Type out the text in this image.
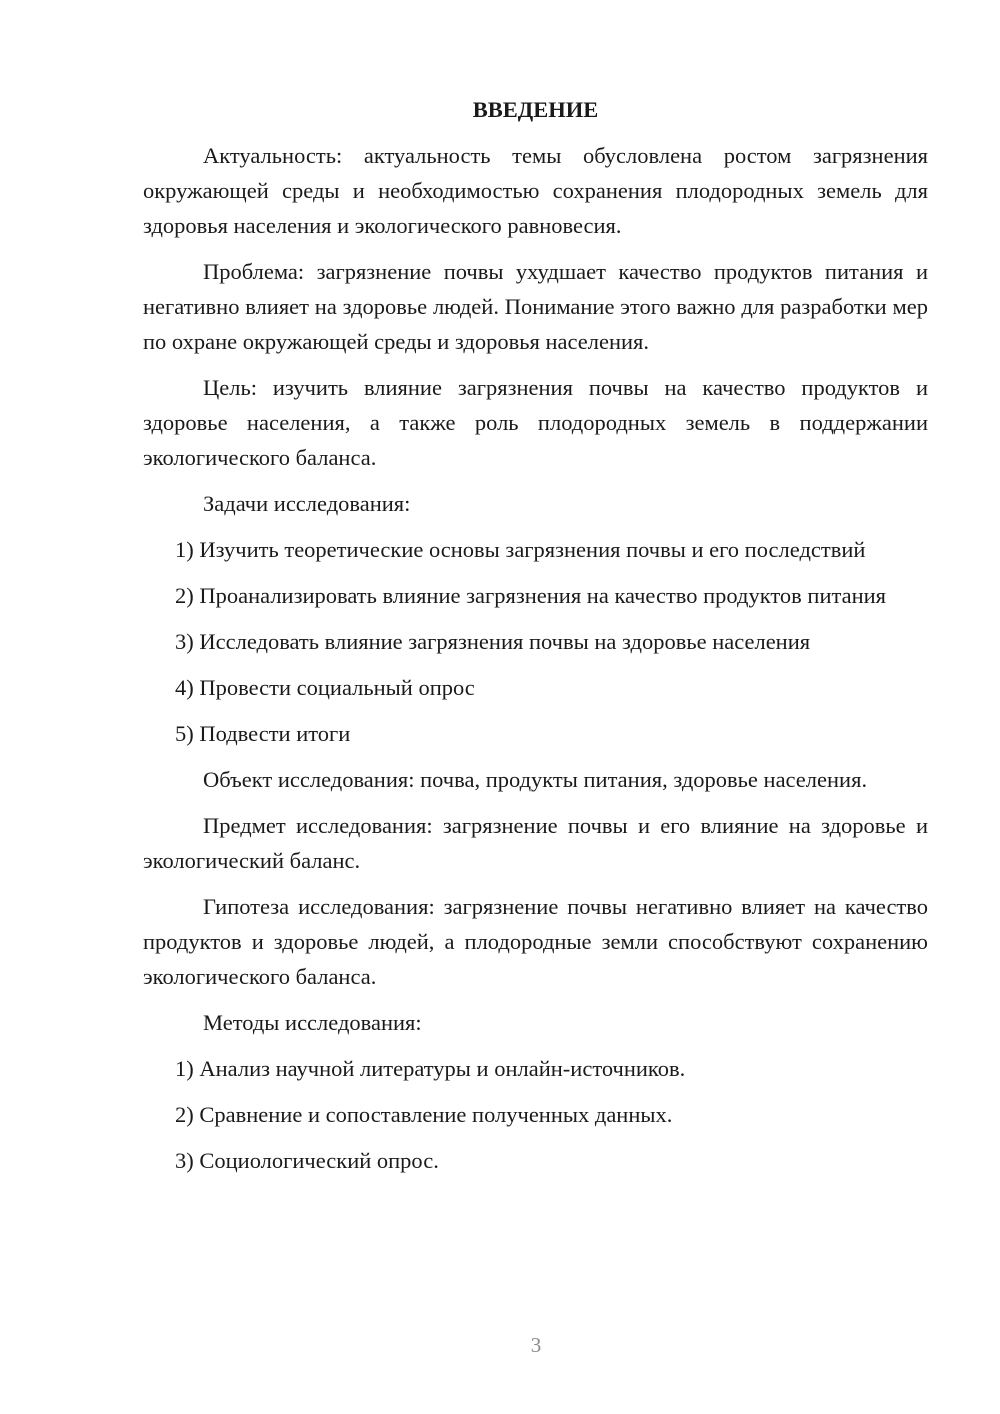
ВВЕДЕНИЕ

Актуальность: актуальность темы обусловлена ростом загрязнения окружающей среды и необходимостью сохранения плодородных земель для здоровья населения и экологического равновесия.

Проблема: загрязнение почвы ухудшает качество продуктов питания и негативно влияет на здоровье людей. Понимание этого важно для разработки мер по охране окружающей среды и здоровья населения.

Цель: изучить влияние загрязнения почвы на качество продуктов и здоровье населения, а также роль плодородных земель в поддержании экологического баланса.

Задачи исследования:

1) Изучить теоретические основы загрязнения почвы и его последствий

2) Проанализировать влияние загрязнения на качество продуктов питания

3) Исследовать влияние загрязнения почвы на здоровье населения

4) Провести социальный опрос

5) Подвести итоги

Объект исследования: почва, продукты питания, здоровье населения.

Предмет исследования: загрязнение почвы и его влияние на здоровье и экологический баланс.

Гипотеза исследования: загрязнение почвы негативно влияет на качество продуктов и здоровье людей, а плодородные земли способствуют сохранению экологического баланса.

Методы исследования:

1) Анализ научной литературы и онлайн-источников.

2) Сравнение и сопоставление полученных данных.

3) Социологический опрос.

3
